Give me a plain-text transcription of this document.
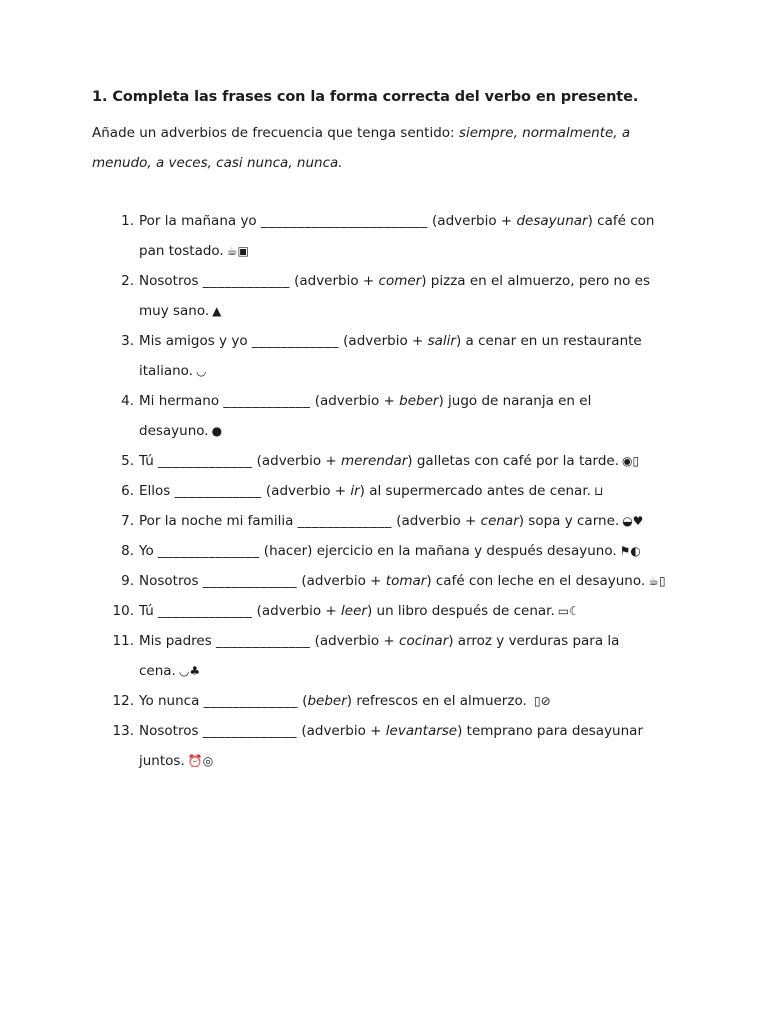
1. Completa las frases con la forma correcta del verbo en presente.
Añade un adverbios de frecuencia que tenga sentido: siempre, normalmente, a menudo, a veces, casi nunca, nunca.
1. Por la mañana yo _______________________ (adverbio + desayunar) café con pan tostado. ☕▣
2. Nosotros ____________ (adverbio + comer) pizza en el almuerzo, pero no es muy sano. ▲
3. Mis amigos y yo ____________ (adverbio + salir) a cenar en un restaurante italiano. ◡
4. Mi hermano ____________ (adverbio + beber) jugo de naranja en el desayuno. ●
5. Tú _____________ (adverbio + merendar) galletas con café por la tarde. ◉▯
6. Ellos ____________ (adverbio + ir) al supermercado antes de cenar. ⊔
7. Por la noche mi familia _____________ (adverbio + cenar) sopa y carne. ◒♥
8. Yo ______________ (hacer) ejercicio en la mañana y después desayuno. ⚑◐
9. Nosotros _____________ (adverbio + tomar) café con leche en el desayuno. ☕▯
10. Tú _____________ (adverbio + leer) un libro después de cenar. ▭☾
11. Mis padres _____________ (adverbio + cocinar) arroz y verduras para la cena. ◡♣
12. Yo nunca _____________ (beber) refrescos en el almuerzo. ▯⊘
13. Nosotros _____________ (adverbio + levantarse) temprano para desayunar juntos. ⏰◎
